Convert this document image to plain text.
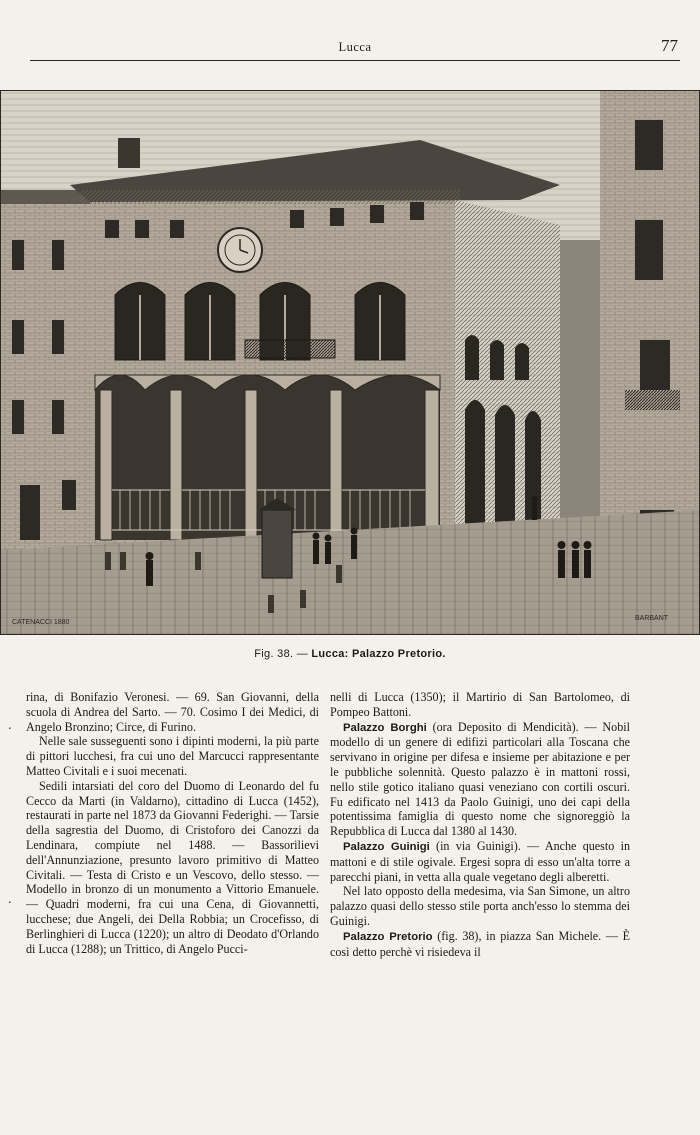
Lucca	77
CATENACCI 1880
BARBANT
Fig. 38. — Lucca: Palazzo Pretorio.
.
.

rina, di Bonifazio Veronesi. — 69. San Giovanni, della scuola di Andrea del Sarto. — 70. Cosimo I dei Medici, di Angelo Bronzino; Circe, di Furino.

Nelle sale susseguenti sono i dipinti moderni, la più parte di pittori lucchesi, fra cui uno del Marcucci rappresentante Matteo Civitali e i suoi mecenati.

Sedili intarsiati del coro del Duomo di Leonardo del fu Cecco da Marti (in Valdarno), cittadino di Lucca (1452), restaurati in parte nel 1873 da Giovanni Federighi. — Tarsie della sagrestia del Duomo, di Cristoforo dei Canozzi da Lendinara, compiute nel 1488. — Bassorilievi dell'Annunziazione, presunto lavoro primitivo di Matteo Civitali. — Testa di Cristo e un Vescovo, dello stesso. — Modello in bronzo di un monumento a Vittorio Emanuele. — Quadri moderni, fra cui una Cena, di Giovannetti, lucchese; due Angeli, dei Della Robbia; un Crocefisso, di Berlinghieri di Lucca (1220); un altro di Deodato d'Orlando di Lucca (1288); un Trittico, di Angelo Pucci-

nelli di Lucca (1350); il Martirio di San Bartolomeo, di Pompeo Battoni.

Palazzo Borghi (ora Deposito di Mendicità). — Nobil modello di un genere di edifizi particolari alla Toscana che servivano in origine per difesa e insieme per abitazione e per le pubbliche solennità. Questo palazzo è in mattoni rossi, nello stile gotico italiano quasi veneziano con cortili oscuri. Fu edificato nel 1413 da Paolo Guinigi, uno dei capi della potentissima famiglia di questo nome che signoreggiò la Repubblica di Lucca dal 1380 al 1430.

Palazzo Guinigi (in via Guinigi). — Anche questo in mattoni e di stile ogivale. Ergesi sopra di esso un'alta torre a parecchi piani, in vetta alla quale vegetano degli alberetti.

Nel lato opposto della medesima, via San Simone, un altro palazzo quasi dello stesso stile porta anch'esso lo stemma dei Guinigi.

Palazzo Pretorio (fig. 38), in piazza San Michele. — È così detto perchè vi risiedeva il
